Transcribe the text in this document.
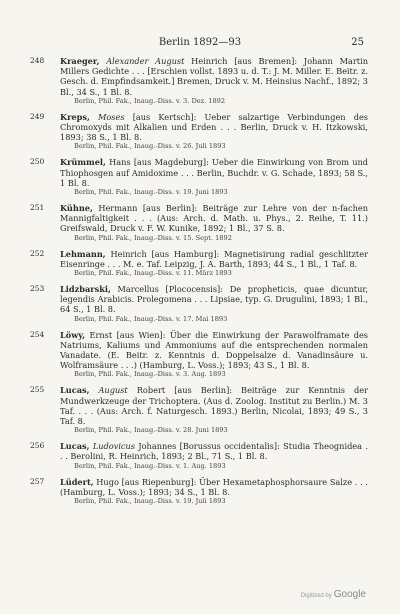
Berlin 1892—93	25
248	Kraeger, Alexander August Heinrich [aus Bremen]: Johann Martin Millers Gedichte . . . [Erschien vollst. 1893 u. d. T.: J. M. Miller. E. Beitr. z. Gesch. d. Empfindsamkeit.] Bremen, Druck v. M. Heinsius Nachf., 1892; 3 Bl., 34 S., 1 Bl. 8.
Berlin, Phil. Fak., Inaug.-Diss. v. 3. Dez. 1892
249	Kreps, Moses [aus Kertsch]: Ueber salzartige Verbindungen des Chromoxyds mit Alkalien und Erden . . . Berlin, Druck v. H. Itzkowski, 1893; 38 S., 1 Bl. 8.
Berlin, Phil. Fak., Inaug.-Diss. v. 26. Juli 1893
250	Krümmel, Hans [aus Magdeburg]: Ueber die Einwirkung von Brom und Thiophosgen auf Amidoxime . . . Berlin, Buchdr. v. G. Schade, 1893; 58 S., 1 Bl. 8.
Berlin, Phil. Fak., Inaug.-Diss. v. 19. Juni 1893
251	Kühne, Hermann [aus Berlin]: Beiträge zur Lehre von der n-fachen Mannigfaltigkeit . . . (Aus: Arch. d. Math. u. Phys., 2. Reihe, T. 11.) Greifswald, Druck v. F. W. Kunike, 1892; 1 Bl., 37 S. 8.
Berlin, Phil. Fak., Inaug.-Diss. v. 15. Sept. 1892
252	Lehmann, Heinrich [aus Hamburg]: Magnetisirung radial geschlitzter Eisenringe . . . M. e. Taf. Leipzig, J. A. Barth, 1893; 44 S., 1 Bl., 1 Taf. 8.
Berlin, Phil. Fak., Inaug.-Diss. v. 11. März 1893
253	Lidzbarski, Marcellus [Plococensis]: De propheticis, quae dicuntur, legendis Arabicis. Prolegomena . . . Lipsiae, typ. G. Drugulini, 1893; 1 Bl., 64 S., 1 Bl. 8.
Berlin, Phil. Fak., Inaug.-Diss. v. 17. Mai 1893
254	Löwy, Ernst [aus Wien]: Über die Einwirkung der Parawolframate des Natriums, Kaliums und Ammoniums auf die entsprechenden normalen Vanadate. (E. Beitr. z. Kenntnis d. Doppelsalze d. Vanadinsäure u. Wolframsäure . . .) (Hamburg, L. Voss.); 1893; 43 S., 1 Bl. 8.
Berlin, Phil. Fak., Inaug.-Diss. v. 3. Aug. 1893
255	Lucas, August Robert [aus Berlin]: Beiträge zur Kenntnis der Mundwerkzeuge der Trichoptera. (Aus d. Zoolog. Institut zu Berlin.) M. 3 Taf. . . . (Aus: Arch. f. Naturgesch. 1893.) Berlin, Nicolai, 1893; 49 S., 3 Taf. 8.
Berlin, Phil. Fak., Inaug.-Diss. v. 28. Juni 1893
256	Lucas, Ludovicus Johannes [Borussus occidentalis]: Studia Theognidea . . . Berolini, R. Heinrich, 1893; 2 Bl., 71 S., 1 Bl. 8.
Berlin, Phil. Fak., Inaug.-Diss. v. 1. Aug. 1893
257	Lüdert, Hugo [aus Riepenburg]: Über Hexametaphosphorsaure Salze . . . (Hamburg, L. Voss.); 1893; 34 S., 1 Bl. 8.
Berlin, Phil. Fak., Inaug.-Diss. v. 19. Juli 1893
Digitized by Google
